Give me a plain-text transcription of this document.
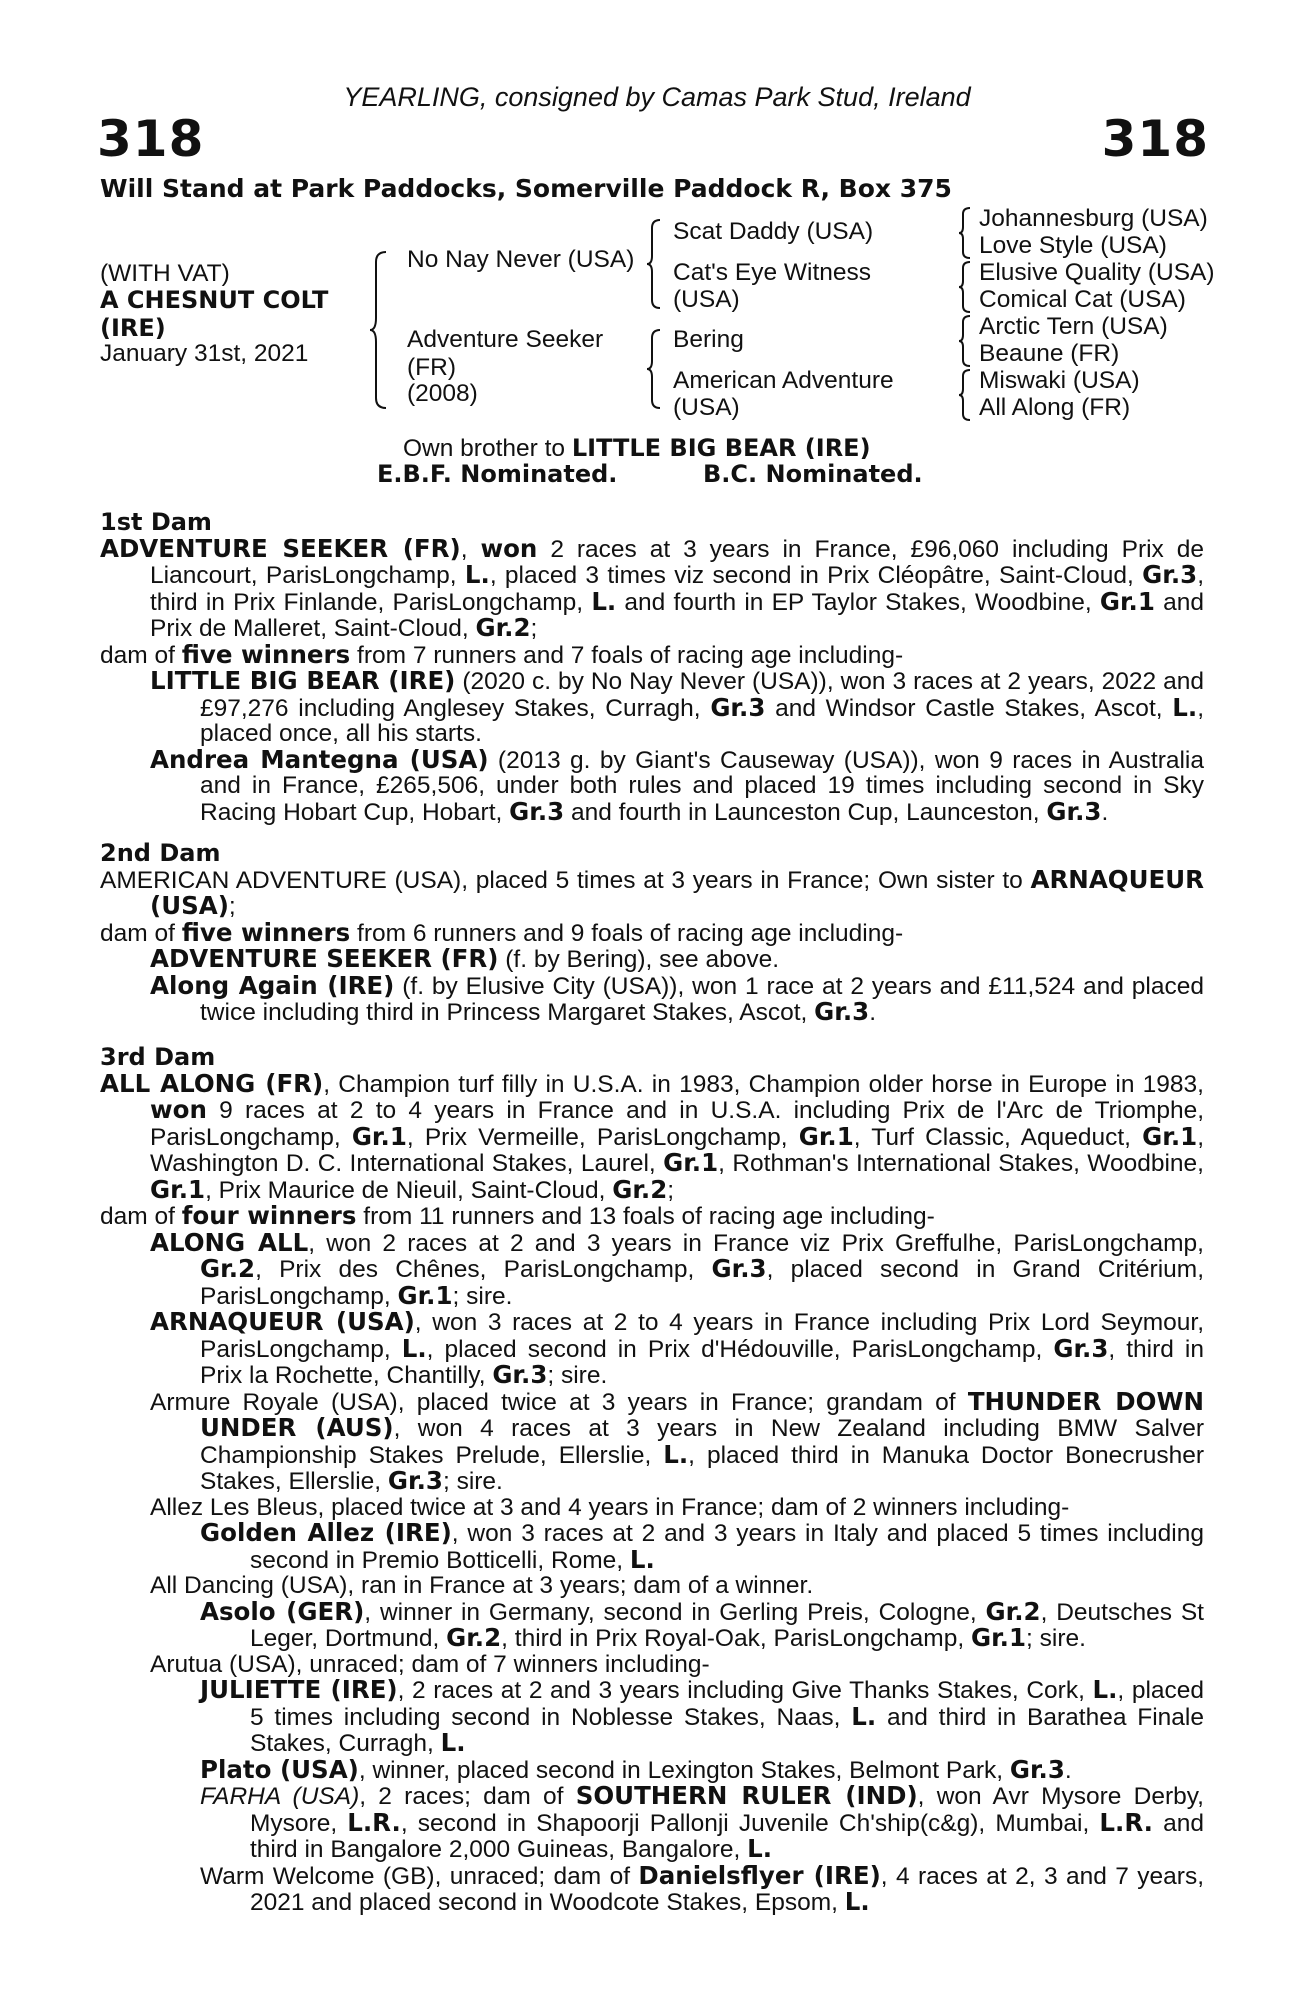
YEARLING, consigned by Camas Park Stud, Ireland
318	318
Will Stand at Park Paddocks, Somerville Paddock R, Box 375
(WITH VAT)
A CHESNUT COLT
(IRE)
January 31st, 2021
No Nay Never (USA)
Adventure Seeker
(FR)
(2008)
Scat Daddy (USA)
Cat's Eye Witness
(USA)
Bering
American Adventure
(USA)
Johannesburg (USA)
Love Style (USA)
Elusive Quality (USA)
Comical Cat (USA)
Arctic Tern (USA)
Beaune (FR)
Miswaki (USA)
All Along (FR)
Own brother to LITTLE BIG BEAR (IRE)
E.B.F. Nominated.	B.C. Nominated.

1st Dam

ADVENTURE SEEKER (FR), won 2 races at 3 years in France, £96,060 including Prix de Liancourt, ParisLongchamp, L., placed 3 times viz second in Prix Cléopâtre, Saint-Cloud, Gr.3, third in Prix Finlande, ParisLongchamp, L. and fourth in EP Taylor Stakes, Woodbine, Gr.1 and Prix de Malleret, Saint-Cloud, Gr.2;

dam of five winners from 7 runners and 7 foals of racing age including-

LITTLE BIG BEAR (IRE) (2020 c. by No Nay Never (USA)), won 3 races at 2 years, 2022 and £97,276 including Anglesey Stakes, Curragh, Gr.3 and Windsor Castle Stakes, Ascot, L., placed once, all his starts.

Andrea Mantegna (USA) (2013 g. by Giant's Causeway (USA)), won 9 races in Australia and in France, £265,506, under both rules and placed 19 times including second in Sky Racing Hobart Cup, Hobart, Gr.3 and fourth in Launceston Cup, Launceston, Gr.3.

2nd Dam

AMERICAN ADVENTURE (USA), placed 5 times at 3 years in France; Own sister to ARNAQUEUR (USA);

dam of five winners from 6 runners and 9 foals of racing age including-

ADVENTURE SEEKER (FR) (f. by Bering), see above.

Along Again (IRE) (f. by Elusive City (USA)), won 1 race at 2 years and £11,524 and placed twice including third in Princess Margaret Stakes, Ascot, Gr.3.

3rd Dam

ALL ALONG (FR), Champion turf filly in U.S.A. in 1983, Champion older horse in Europe in 1983, won 9 races at 2 to 4 years in France and in U.S.A. including Prix de l'Arc de Triomphe, ParisLongchamp, Gr.1, Prix Vermeille, ParisLongchamp, Gr.1, Turf Classic, Aqueduct, Gr.1, Washington D. C. International Stakes, Laurel, Gr.1, Rothman's International Stakes, Woodbine, Gr.1, Prix Maurice de Nieuil, Saint-Cloud, Gr.2;

dam of four winners from 11 runners and 13 foals of racing age including-

ALONG ALL, won 2 races at 2 and 3 years in France viz Prix Greffulhe, ParisLongchamp, Gr.2, Prix des Chênes, ParisLongchamp, Gr.3, placed second in Grand Critérium, ParisLongchamp, Gr.1; sire.

ARNAQUEUR (USA), won 3 races at 2 to 4 years in France including Prix Lord Seymour, ParisLongchamp, L., placed second in Prix d'Hédouville, ParisLongchamp, Gr.3, third in Prix la Rochette, Chantilly, Gr.3; sire.

Armure Royale (USA), placed twice at 3 years in France; grandam of THUNDER DOWN UNDER (AUS), won 4 races at 3 years in New Zealand including BMW Salver Championship Stakes Prelude, Ellerslie, L., placed third in Manuka Doctor Bonecrusher Stakes, Ellerslie, Gr.3; sire.

Allez Les Bleus, placed twice at 3 and 4 years in France; dam of 2 winners including-

Golden Allez (IRE), won 3 races at 2 and 3 years in Italy and placed 5 times including second in Premio Botticelli, Rome, L.

All Dancing (USA), ran in France at 3 years; dam of a winner.

Asolo (GER), winner in Germany, second in Gerling Preis, Cologne, Gr.2, Deutsches St Leger, Dortmund, Gr.2, third in Prix Royal-Oak, ParisLongchamp, Gr.1; sire.

Arutua (USA), unraced; dam of 7 winners including-

JULIETTE (IRE), 2 races at 2 and 3 years including Give Thanks Stakes, Cork, L., placed 5 times including second in Noblesse Stakes, Naas, L. and third in Barathea Finale Stakes, Curragh, L.

Plato (USA), winner, placed second in Lexington Stakes, Belmont Park, Gr.3.

FARHA (USA), 2 races; dam of SOUTHERN RULER (IND), won Avr Mysore Derby, Mysore, L.R., second in Shapoorji Pallonji Juvenile Ch'ship(c&g), Mumbai, L.R. and third in Bangalore 2,000 Guineas, Bangalore, L.

Warm Welcome (GB), unraced; dam of Danielsflyer (IRE), 4 races at 2, 3 and 7 years, 2021 and placed second in Woodcote Stakes, Epsom, L.
